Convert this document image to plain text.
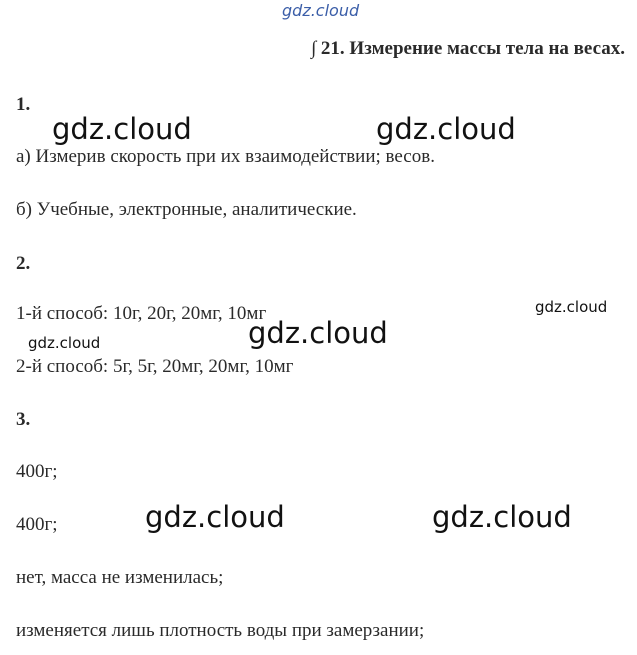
gdz.cloud
∫ 21. Измерение массы тела на весах.
1.
а) Измерив скорость при их взаимодействии; весов.
б) Учебные, электронные, аналитические.
2.
1-й способ: 10г, 20г, 20мг, 10мг
2-й способ: 5г, 5г, 20мг, 20мг, 10мг
3.
400г;
400г;
нет, масса не изменилась;
изменяется лишь плотность воды при замерзании;
gdz.cloud	gdz.cloud
gdz.cloud
gdz.cloud
gdz.cloud
gdz.cloud	gdz.cloud
